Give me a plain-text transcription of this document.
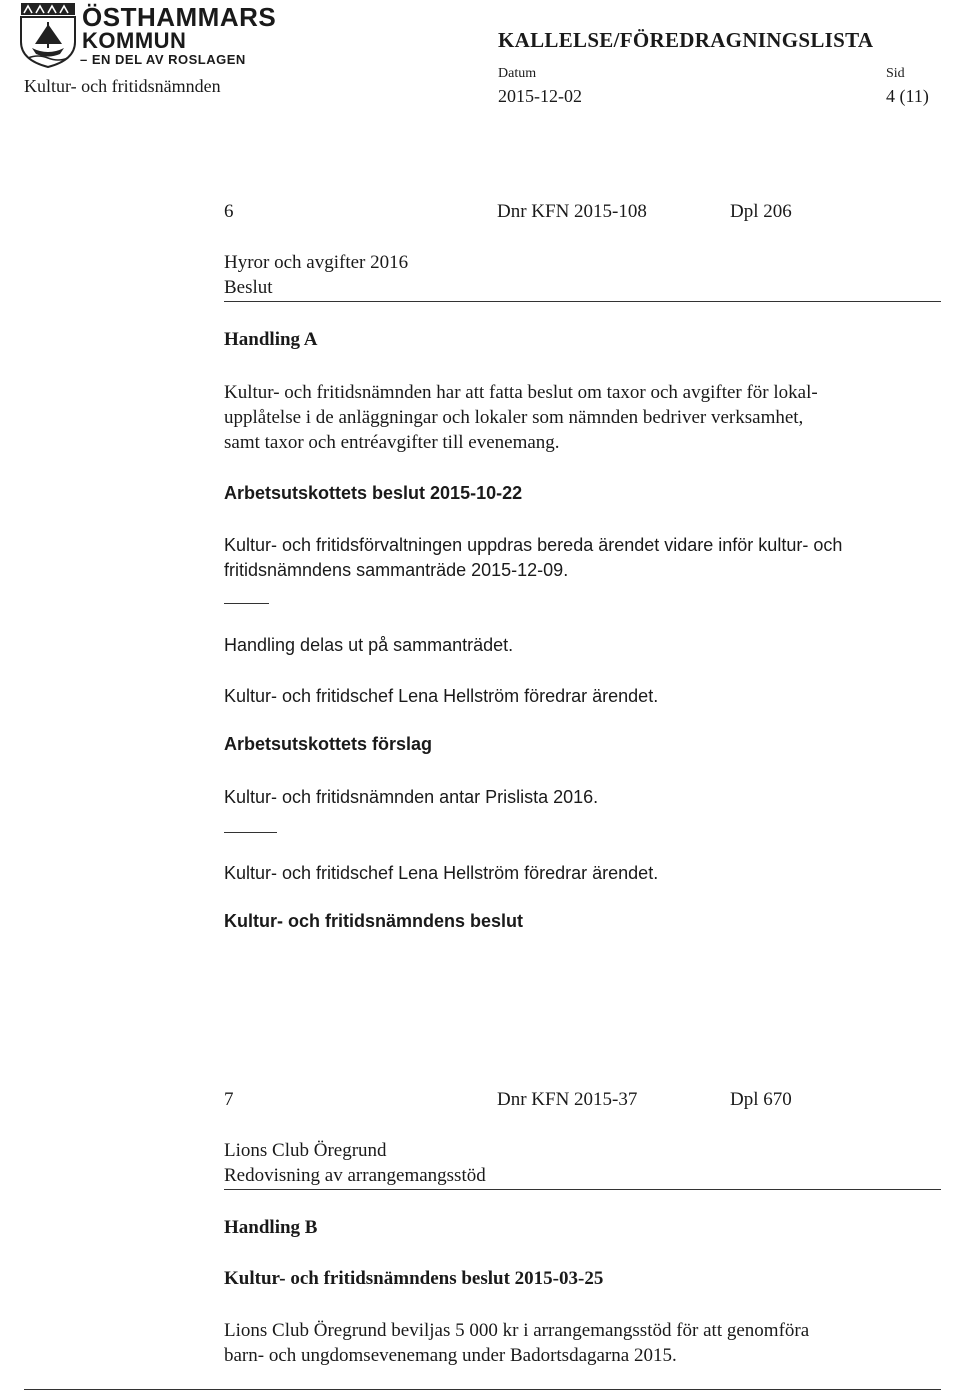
ÖSTHAMMARS
KOMMUN
– EN DEL AV ROSLAGEN
Kultur- och fritidsnämnden
KALLELSE/FÖREDRAGNINGSLISTA
Datum
2015-12-02
Sid
4 (11)
6	Dnr KFN 2015-108	Dpl 206
Hyror och avgifter 2016
Beslut
Handling A
Kultur- och fritidsnämnden har att fatta beslut om taxor och avgifter för lokal-
upplåtelse i de anläggningar och lokaler som nämnden bedriver verksamhet,
samt taxor och entréavgifter till evenemang.
Arbetsutskottets beslut 2015-10-22
Kultur- och fritidsförvaltningen uppdras bereda ärendet vidare inför kultur- och
fritidsnämndens sammanträde 2015-12-09.
Handling delas ut på sammanträdet.
Kultur- och fritidschef Lena Hellström föredrar ärendet.
Arbetsutskottets förslag
Kultur- och fritidsnämnden antar Prislista 2016.
Kultur- och fritidschef Lena Hellström föredrar ärendet.
Kultur- och fritidsnämndens beslut
7	Dnr KFN 2015-37	Dpl 670
Lions Club Öregrund
Redovisning av arrangemangsstöd
Handling B
Kultur- och fritidsnämndens beslut 2015-03-25
Lions Club Öregrund beviljas 5 000 kr i arrangemangsstöd för att genomföra
barn- och ungdomsevenemang under Badortsdagarna 2015.
